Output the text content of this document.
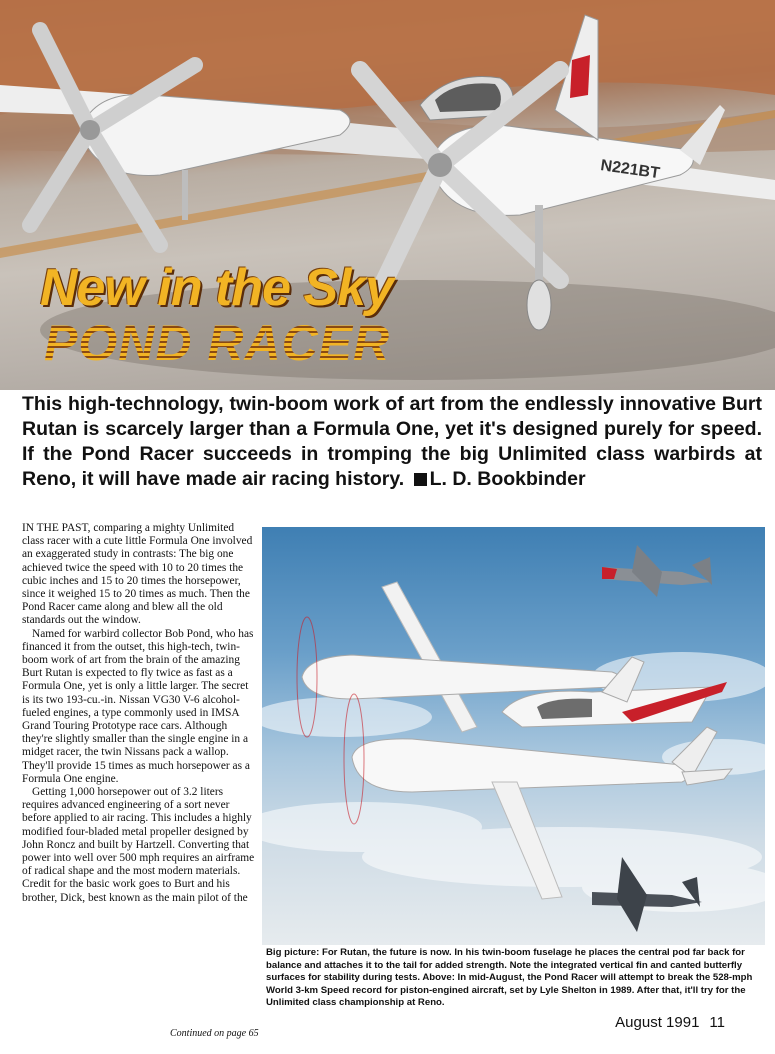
N221BT
New in the Sky
POND RACER
This high-technology, twin-boom work of art from the endlessly innovative Burt Rutan is scarcely larger than a Formula One, yet it's designed purely for speed. If the Pond Racer succeeds in tromping the big Unlimited class warbirds at Reno, it will have made air racing history. L. D. Bookbinder

IN THE PAST, comparing a mighty Unlimited class racer with a cute little Formula One involved an exaggerated study in contrasts: The big one achieved twice the speed with 10 to 20 times the cubic inches and 15 to 20 times the horsepower, since it weighed 15 to 20 times as much. Then the Pond Racer came along and blew all the old standards out the window.

Named for warbird collector Bob Pond, who has financed it from the outset, this high-tech, twin-boom work of art from the brain of the amazing Burt Rutan is expected to fly twice as fast as a Formula One, yet is only a little larger. The secret is its two 193-cu.-in. Nissan VG30 V-6 alcohol-fueled engines, a type commonly used in IMSA Grand Touring Prototype race cars. Although they're slightly smaller than the single engine in a midget racer, the twin Nissans pack a wallop. They'll provide 15 times as much horsepower as a Formula One engine.

Getting 1,000 horsepower out of 3.2 liters requires advanced engineering of a sort never before applied to air racing. This includes a highly modified four-bladed metal propeller designed by John Roncz and built by Hartzell. Converting that power into well over 500 mph requires an airframe of radical shape and the most modern materials. Credit for the basic work goes to Burt and his brother, Dick, best known as the main pilot of the

Continued on page 65
Big picture: For Rutan, the future is now. In his twin-boom fuselage he places the central pod far back for balance and attaches it to the tail for added strength. Note the integrated vertical fin and canted butterfly surfaces for stability during tests. Above: In mid-August, the Pond Racer will attempt to break the 528-mph World 3-km Speed record for piston-engined aircraft, set by Lyle Shelton in 1989. After that, it'll try for the Unlimited class championship at Reno.
August 1991 11
